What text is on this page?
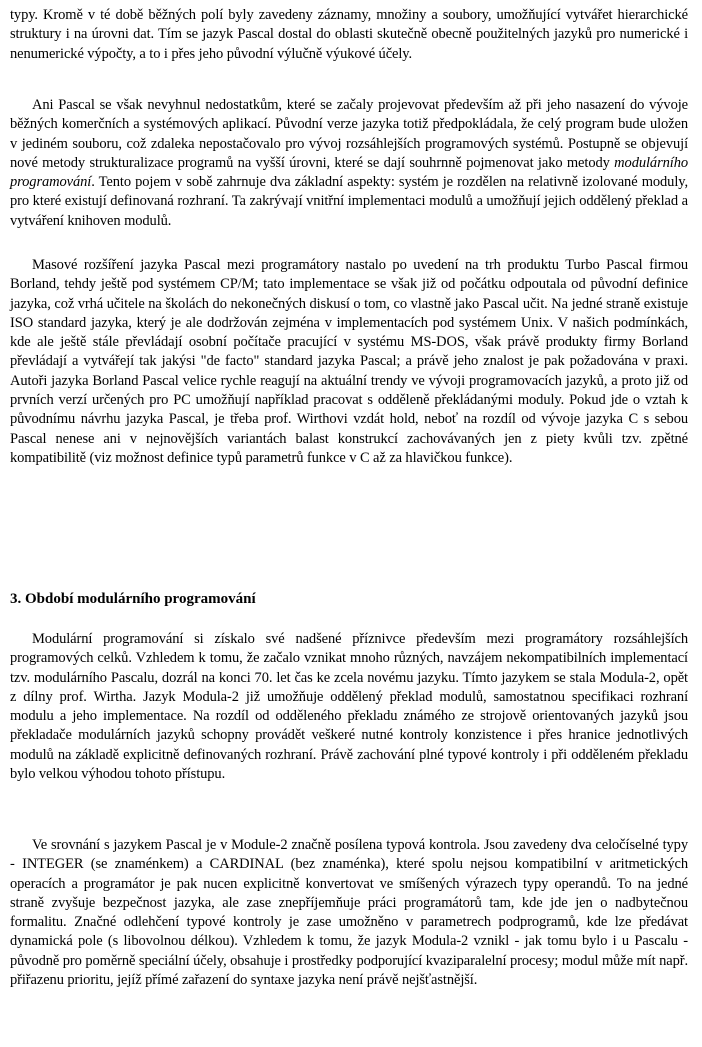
typy. Kromě v té době běžných polí byly zavedeny záznamy, množiny a soubory, umožňující vytvářet hierarchické struktury i na úrovni dat. Tím se jazyk Pascal dostal do oblasti skutečně obecně použitelných jazyků pro numerické i nenumerické výpočty, a to i přes jeho původní výlučně výukové účely.

Ani Pascal se však nevyhnul nedostatkům, které se začaly projevovat především až při jeho nasazení do vývoje běžných komerčních a systémových aplikací. Původní verze jazyka totiž předpokládala, že celý program bude uložen v jediném souboru, což zdaleka nepostačovalo pro vývoj rozsáhlejších programových systémů. Postupně se objevují nové metody strukturalizace programů na vyšší úrovni, které se dají souhrnně pojmenovat jako metody modulárního programování. Tento pojem v sobě zahrnuje dva základní aspekty: systém je rozdělen na relativně izolované moduly, pro které existují definovaná rozhraní. Ta zakrývají vnitřní implementaci modulů a umožňují jejich oddělený překlad a vytváření knihoven modulů.

Masové rozšíření jazyka Pascal mezi programátory nastalo po uvedení na trh produktu Turbo Pascal firmou Borland, tehdy ještě pod systémem CP/M; tato implementace se však již od počátku odpoutala od původní definice jazyka, což vrhá učitele na školách do nekonečných diskusí o tom, co vlastně jako Pascal učit. Na jedné straně existuje ISO standard jazyka, který je ale dodržován zejména v implementacích pod systémem Unix. V našich podmínkách, kde ale ještě stále převládají osobní počítače pracující v systému MS-DOS, však právě produkty firmy Borland převládají a vytvářejí tak jakýsi "de facto" standard jazyka Pascal; a právě jeho znalost je pak požadována v praxi. Autoři jazyka Borland Pascal velice rychle reagují na aktuální trendy ve vývoji programovacích jazyků, a proto již od prvních verzí určených pro PC umožňují například pracovat s odděleně překládanými moduly. Pokud jde o vztah k původnímu návrhu jazyka Pascal, je třeba prof. Wirthovi vzdát hold, neboť na rozdíl od vývoje jazyka C s sebou Pascal nenese ani v nejnovějších variantách balast konstrukcí zachovávaných jen z piety kvůli tzv. zpětné kompatibilitě (viz možnost definice typů parametrů funkce v C až za hlavičkou funkce).

3. Období modulárního programování

Modulární programování si získalo své nadšené příznivce především mezi programátory rozsáhlejších programových celků. Vzhledem k tomu, že začalo vznikat mnoho různých, navzájem nekompatibilních implementací tzv. modulárního Pascalu, dozrál na konci 70. let čas ke zcela novému jazyku. Tímto jazykem se stala Modula-2, opět z dílny prof. Wirtha. Jazyk Modula-2 již umožňuje oddělený překlad modulů, samostatnou specifikaci rozhraní modulu a jeho implementace. Na rozdíl od odděleného překladu známého ze strojově orientovaných jazyků jsou překladače modulárních jazyků schopny provádět veškeré nutné kontroly konzistence i přes hranice jednotlivých modulů na základě explicitně definovaných rozhraní. Právě zachování plné typové kontroly i při odděleném překladu bylo velkou výhodou tohoto přístupu.

Ve srovnání s jazykem Pascal je v Module-2 značně posílena typová kontrola. Jsou zavedeny dva celočíselné typy - INTEGER (se znaménkem) a CARDINAL (bez znaménka), které spolu nejsou kompatibilní v aritmetických operacích a programátor je pak nucen explicitně konvertovat ve smíšených výrazech typy operandů. To na jedné straně zvyšuje bezpečnost jazyka, ale zase znepříjemňuje práci programátorů tam, kde jde jen o nadbytečnou formalitu. Značné odlehčení typové kontroly je zase umožněno v parametrech podprogramů, kde lze předávat dynamická pole (s libovolnou délkou). Vzhledem k tomu, že jazyk Modula-2 vznikl - jak tomu bylo i u Pascalu - původně pro poměrně speciální účely, obsahuje i prostředky podporující kvaziparalelní procesy; modul může mít např. přiřazenu prioritu, jejíž přímé zařazení do syntaxe jazyka není právě nejšťastnější.
